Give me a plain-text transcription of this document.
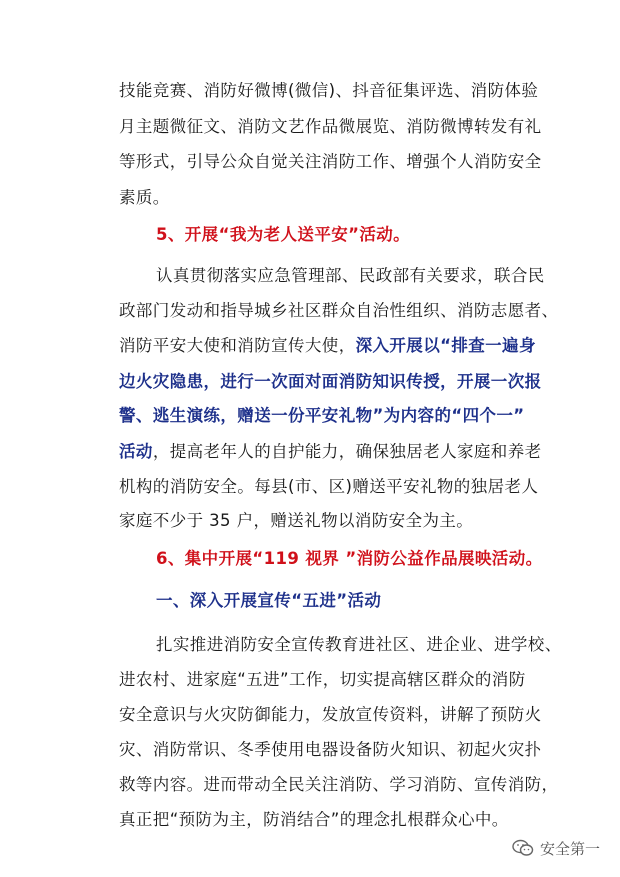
技能竞赛、消防好微博(微信)、抖音征集评选、消防体验
月主题微征文、消防文艺作品微展览、消防微博转发有礼
等形式，引导公众自觉关注消防工作、增强个人消防安全
素质。
5、开展“我为老人送平安”活动。
认真贯彻落实应急管理部、民政部有关要求，联合民
政部门发动和指导城乡社区群众自治性组织、消防志愿者、
消防平安大使和消防宣传大使，深入开展以“排查一遍身
边火灾隐患，进行一次面对面消防知识传授，开展一次报
警、逃生演练，赠送一份平安礼物”为内容的“四个一”
活动，提高老年人的自护能力，确保独居老人家庭和养老
机构的消防安全。每县(市、区)赠送平安礼物的独居老人
家庭不少于 35 户，赠送礼物以消防安全为主。
6、集中开展“119 视界 ”消防公益作品展映活动。
一、深入开展宣传“五进”活动
扎实推进消防安全宣传教育进社区、进企业、进学校、
进农村、进家庭“五进”工作，切实提高辖区群众的消防
安全意识与火灾防御能力，发放宣传资料，讲解了预防火
灾、消防常识、冬季使用电器设备防火知识、初起火灾扑
救等内容。进而带动全民关注消防、学习消防、宣传消防，
真正把“预防为主，防消结合”的理念扎根群众心中。
安全第一
